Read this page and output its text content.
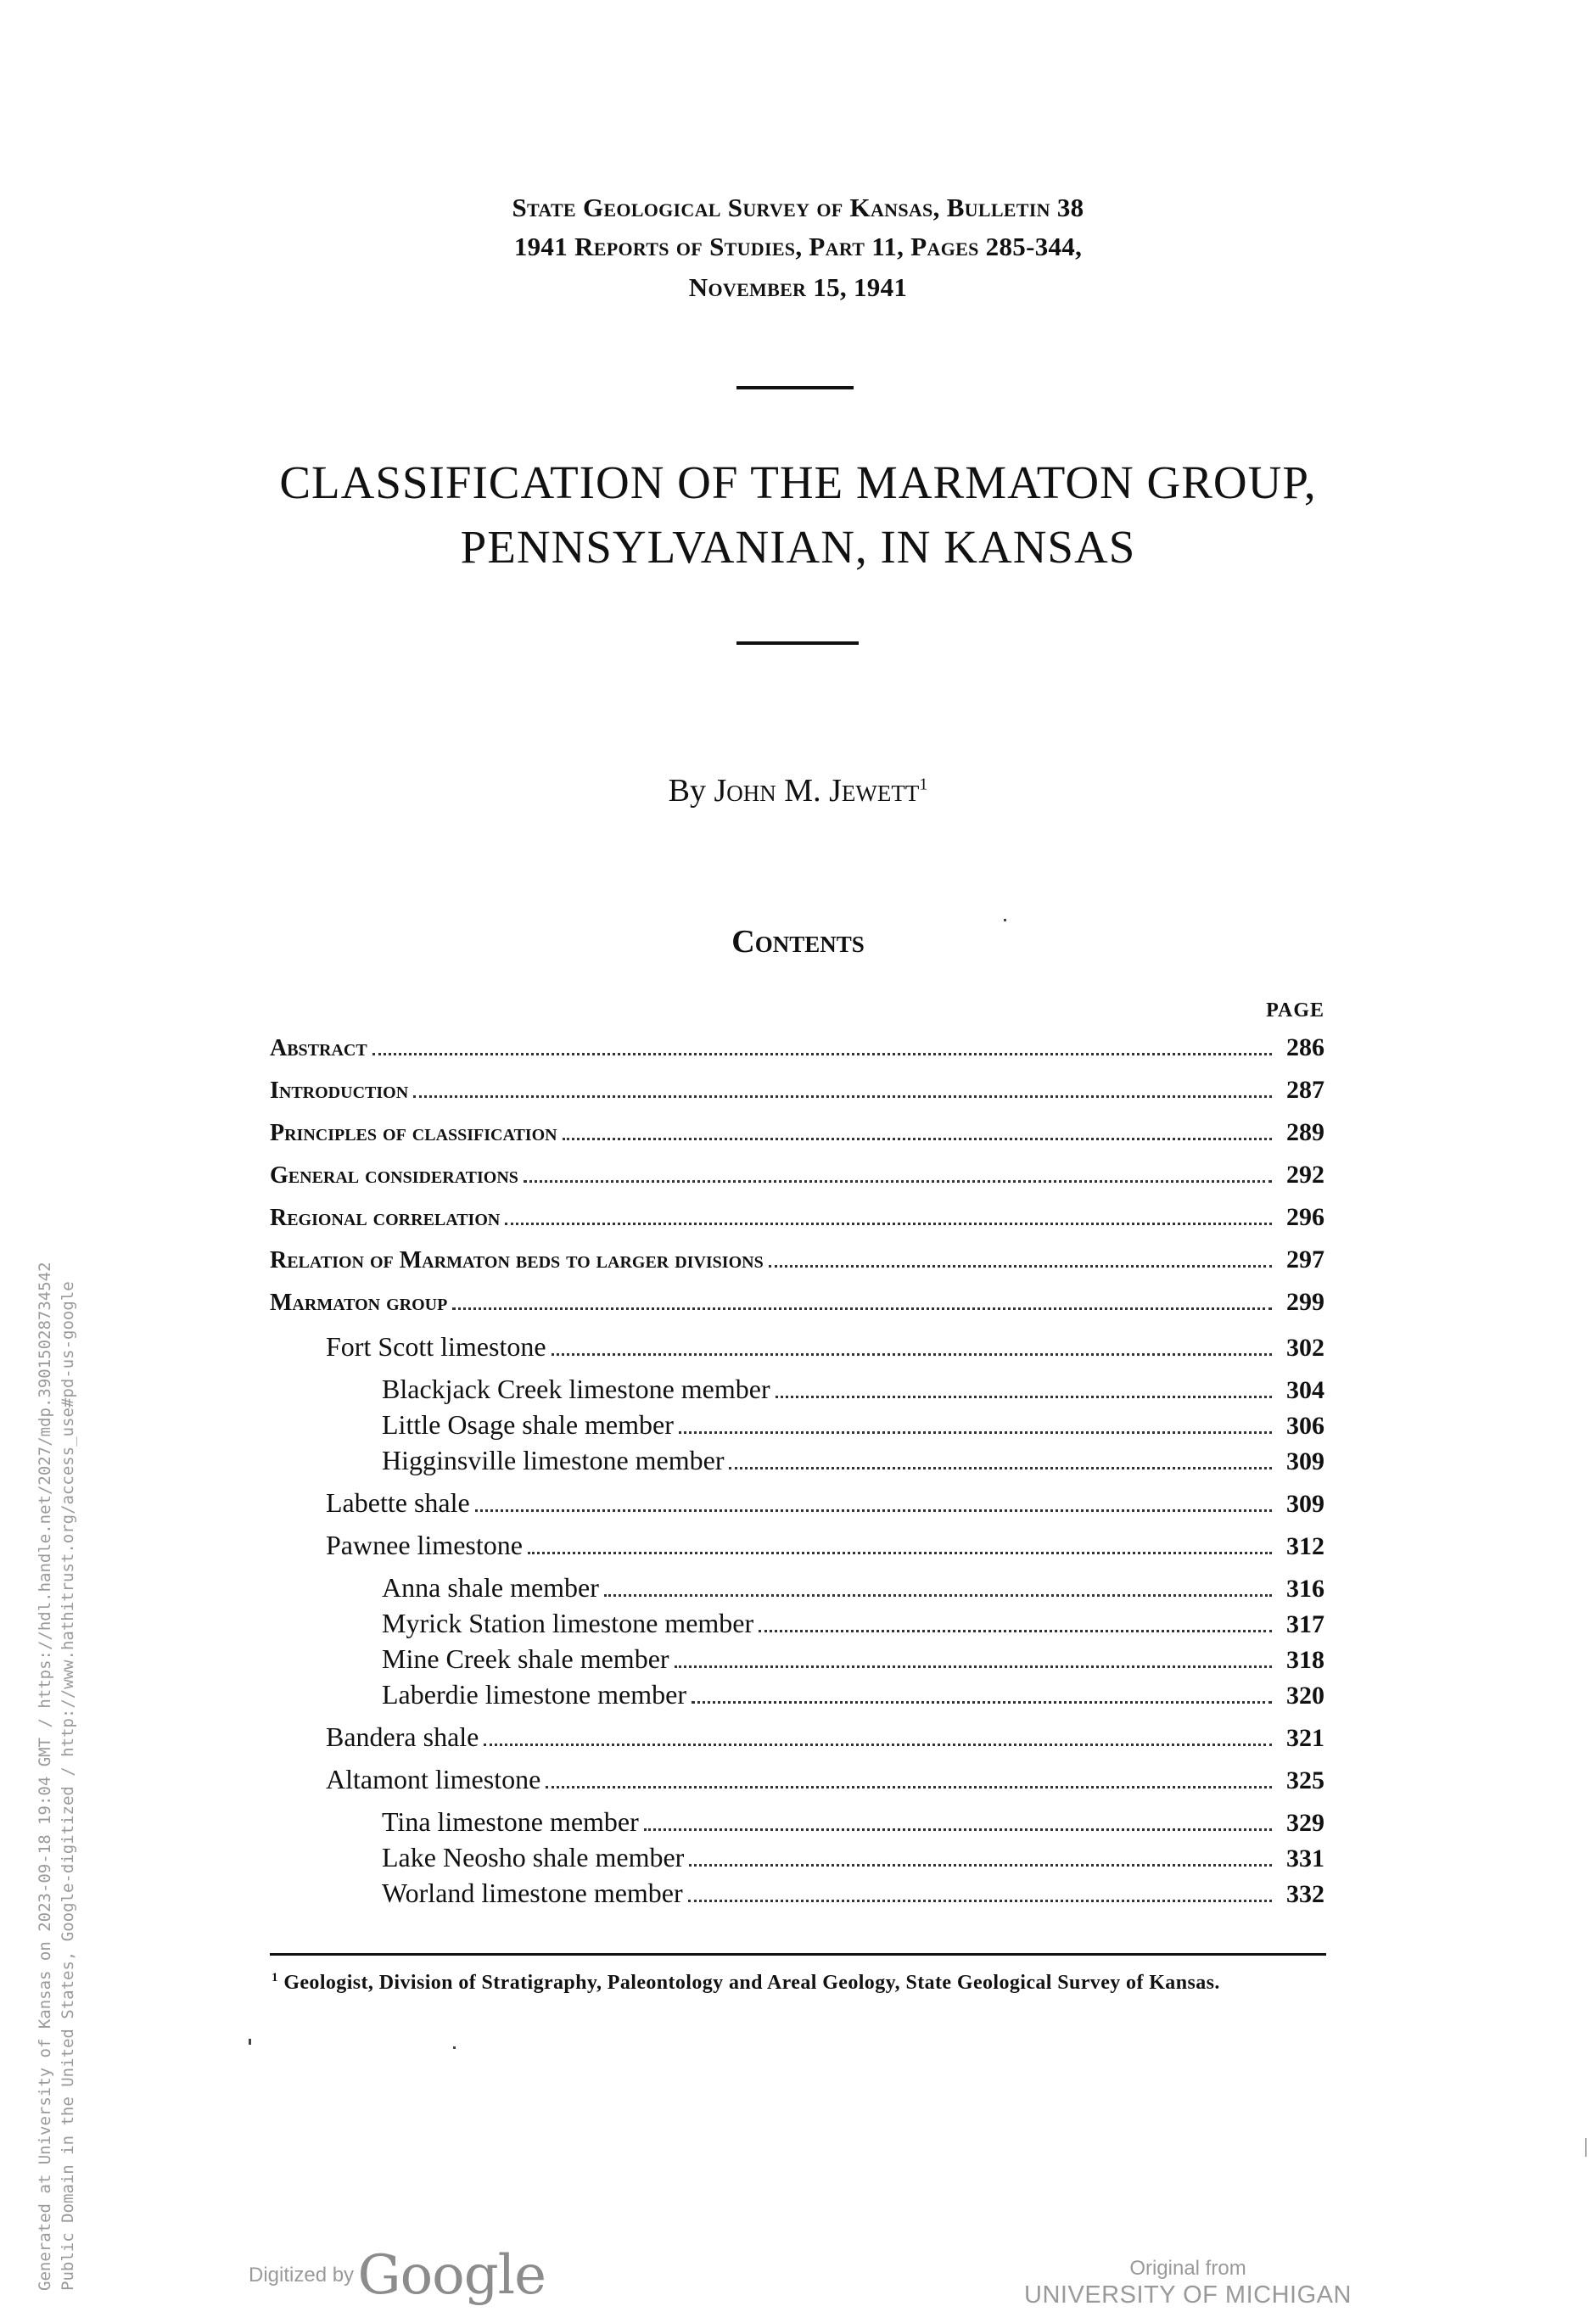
State Geological Survey of Kansas, Bulletin 38
1941 Reports of Studies, Part 11, Pages 285-344,
November 15, 1941
CLASSIFICATION OF THE MARMATON GROUP,
PENNSYLVANIAN, IN KANSAS
By John M. Jewett$^1$
Contents
PAGE
Abstract	286
Introduction	287
Principles of classification	289
General considerations	292
Regional correlation	296
Relation of Marmaton beds to larger divisions	297
Marmaton group	299
Fort Scott limestone	302
Blackjack Creek limestone member	304
Little Osage shale member	306
Higginsville limestone member	309
Labette shale	309
Pawnee limestone	312
Anna shale member	316
Myrick Station limestone member	317
Mine Creek shale member	318
Laberdie limestone member	320
Bandera shale	321
Altamont limestone	325
Tina limestone member	329
Lake Neosho shale member	331
Worland limestone member	332
$^1$ Geologist, Division of Stratigraphy, Paleontology and Areal Geology, State Geological Survey of Kansas.
Generated at University of Kansas on 2023-09-18 19:04 GMT / https://hdl.handle.net/2027/mdp.39015028734542 Public Domain in the United States, Google-digitized / http://www.hathitrust.org/access_use#pd-us-google	Digitized by Google	Original from
UNIVERSITY OF MICHIGAN
